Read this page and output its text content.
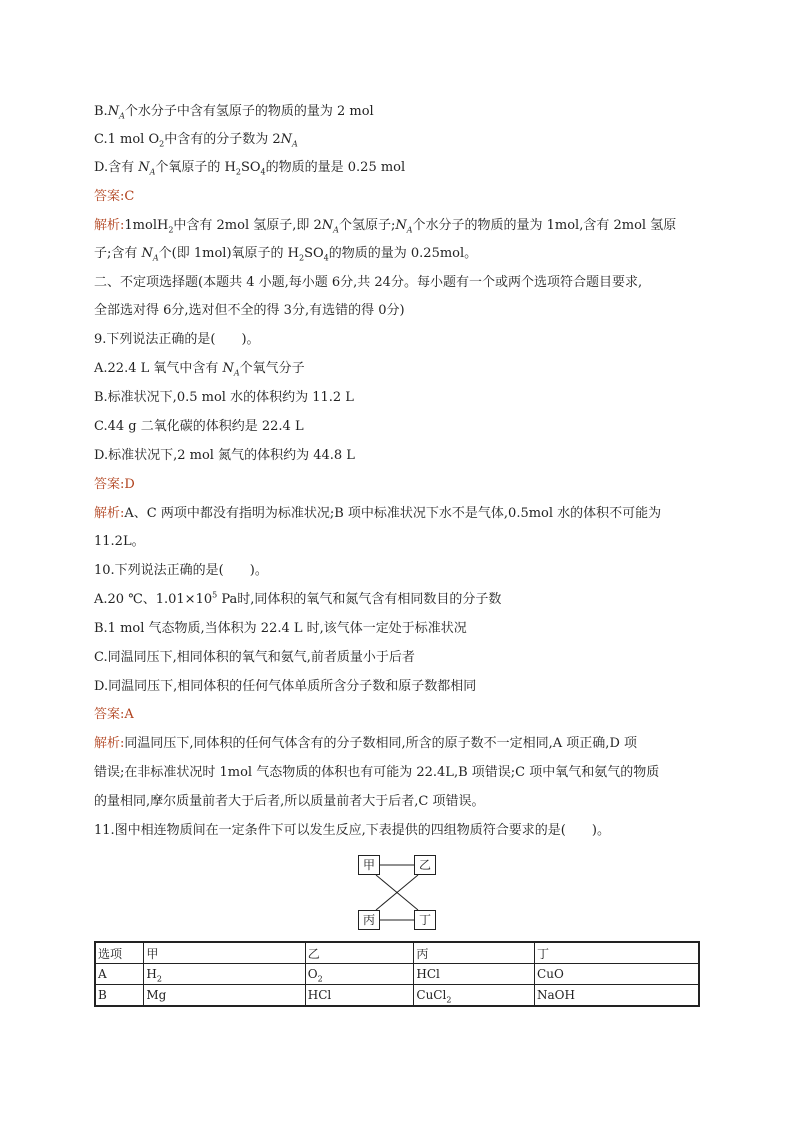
$B.N_A$个水分子中含有氢原子的物质的量为 2 mol
C.1 mol $O_2$中含有的分子数为 $2N_A$
D.含有 $N_A$个氧原子的 $H_2SO_4$的物质的量是 0.25 mol
答案:C
解析:1molH$_2$中含有 2mol 氢原子,即 $2N_A$个氢原子$;N_A$个水分子的物质的量为 1mol,含有 2mol 氢原
子;含有 $N_A$个(即 1mol)氧原子的 $H_2SO_4$的物质的量为 0.25mol。
二、不定项选择题(本题共 4 小题,每小题 6分,共 24分。每小题有一个或两个选项符合题目要求,
全部选对得 6分,选对但不全的得 3分,有选错的得 0分)
9.下列说法正确的是(　　)。
A.22.4 L 氧气中含有 $N_A$个氧气分子
B.标准状况下,0.5 mol 水的体积约为 11.2 L
C.44 g 二氧化碳的体积约是 22.4 L
D.标准状况下,2 mol 氮气的体积约为 44.8 L
答案:D
解析:A、C 两项中都没有指明为标准状况;B 项中标准状况下水不是气体,0.5mol 水的体积不可能为
11.2L。
10.下列说法正确的是(　　)。
A.20 ℃、$1.01\times 10^5$ Pa时,同体积的氧气和氮气含有相同数目的分子数
B.1 mol 气态物质,当体积为 22.4 L 时,该气体一定处于标准状况
C.同温同压下,相同体积的氧气和氨气,前者质量小于后者
D.同温同压下,相同体积的任何气体单质所含分子数和原子数都相同
答案:A
解析:同温同压下,同体积的任何气体含有的分子数相同,所含的原子数不一定相同,A 项正确,D 项
错误;在非标准状况时 1mol 气态物质的体积也有可能为 22.4L,B 项错误;C 项中氧气和氨气的物质
的量相同,摩尔质量前者大于后者,所以质量前者大于后者,C 项错误。
11.图中相连物质间在一定条件下可以发生反应,下表提供的四组物质符合要求的是(　　)。
甲	乙
丙	丁
选项	甲	乙	丙	丁
A	$H_2$	$O_2$	HCl	CuO
B	Mg	HCl	CuCl$_2$	NaOH
